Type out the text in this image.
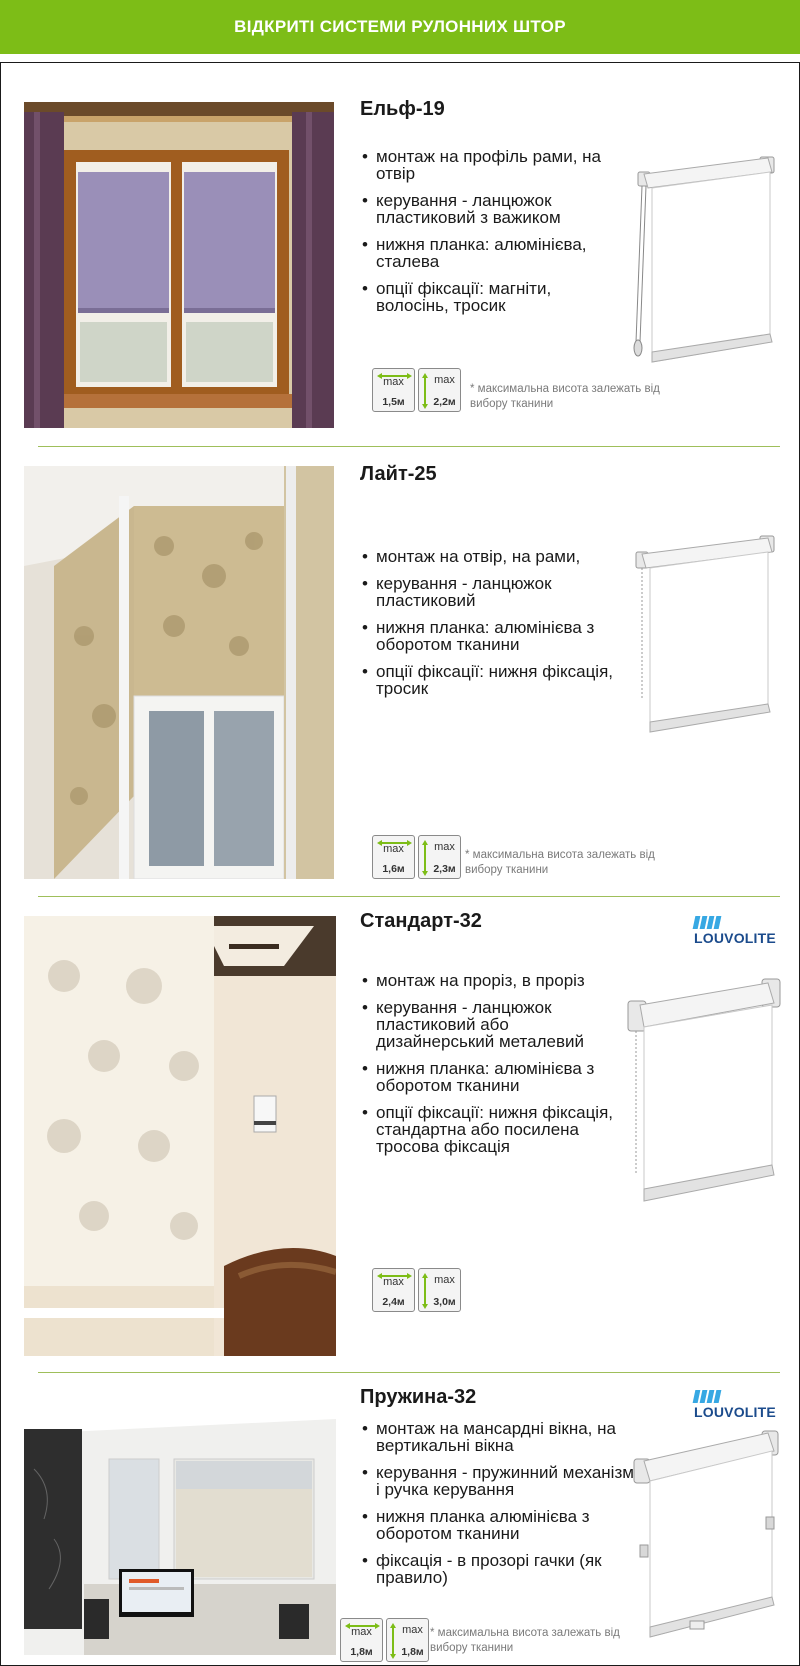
ВІДКРИТІ СИСТЕМИ РУЛОННИХ ШТОР
Ельф-19
• монтаж на профіль рами, на отвір
• керування - ланцюжок пластиковий з важиком
• нижня планка: алюмінієва, сталева
• опції фіксації: магніти, волосінь, тросик
max
1,5м
max
2,2м
* максимальна висота залежать від вибору тканини
Лайт-25
• монтаж на отвір, на рами,
• керування - ланцюжок пластиковий
• нижня планка: алюмінієва з оборотом тканини
• опції фіксації: нижня фіксація, тросик
max
1,6м
max
2,3м
* максимальна висота залежать від вибору тканини
Стандарт-32
LOUVOLITE
• монтаж на проріз, в проріз
• керування - ланцюжок пластиковий або дизайнерський металевий
• нижня планка: алюмінієва з оборотом тканини
• опції фіксації: нижня фіксація, стандартна або посилена тросова фіксація
max
2,4м
max
3,0м
Пружина-32
LOUVOLITE
• монтаж на мансардні вікна, на вертикальні вікна
• керування - пружинний механізм і ручка керування
• нижня планка алюмінієва з оборотом тканини
• фіксація - в прозорі гачки (як правило)
max
1,8м
max
1,8м
* максимальна висота залежать від вибору тканини
